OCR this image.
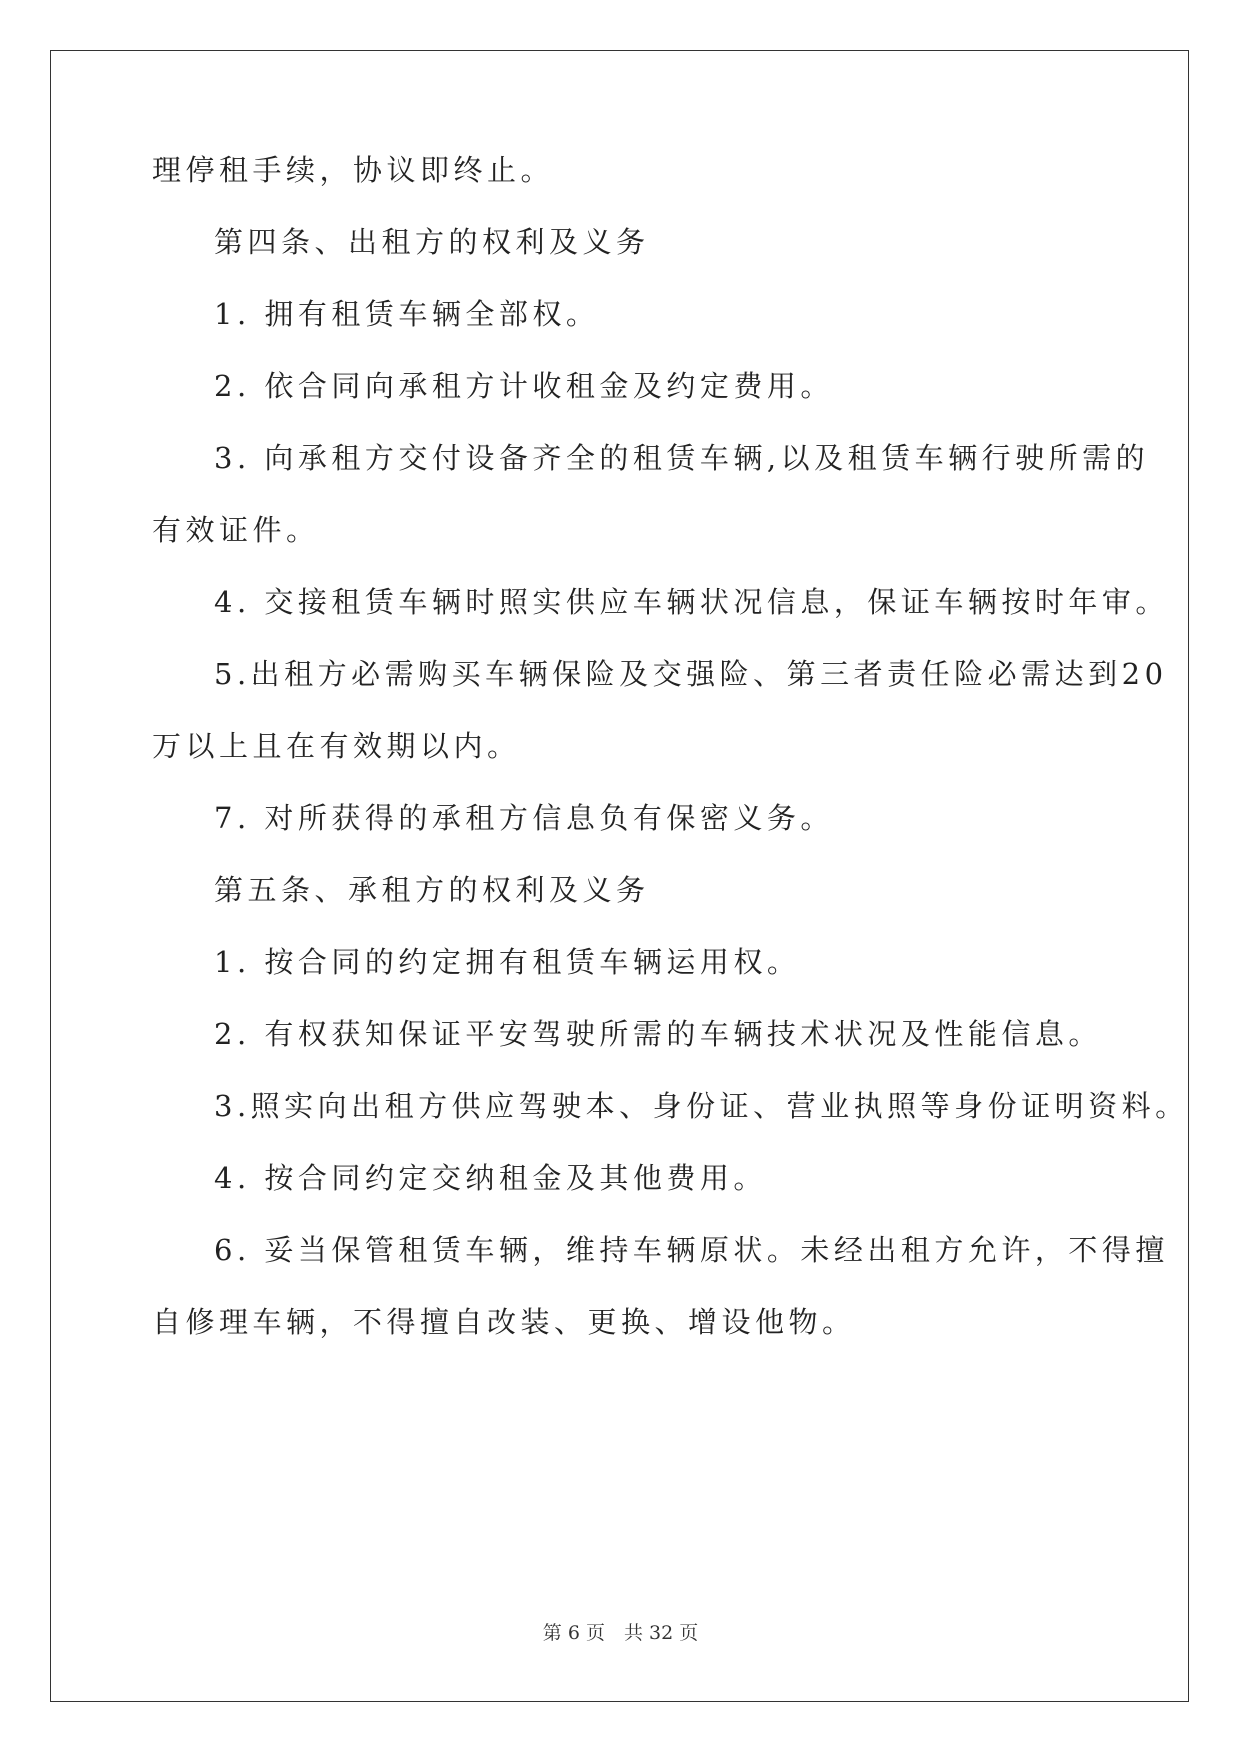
理停租手续，协议即终止。
第四条、出租方的权利及义务
1. 拥有租赁车辆全部权。
2. 依合同向承租方计收租金及约定费用。
3. 向承租方交付设备齐全的租赁车辆,以及租赁车辆行驶所需的
有效证件。
4. 交接租赁车辆时照实供应车辆状况信息，保证车辆按时年审。
5.出租方必需购买车辆保险及交强险、第三者责任险必需达到20
万以上且在有效期以内。
7. 对所获得的承租方信息负有保密义务。
第五条、承租方的权利及义务
1. 按合同的约定拥有租赁车辆运用权。
2. 有权获知保证平安驾驶所需的车辆技术状况及性能信息。
3.照实向出租方供应驾驶本、身份证、营业执照等身份证明资料。
4. 按合同约定交纳租金及其他费用。
6. 妥当保管租赁车辆，维持车辆原状。未经出租方允许，不得擅
自修理车辆，不得擅自改装、更换、增设他物。
第 6 页　共 32 页
